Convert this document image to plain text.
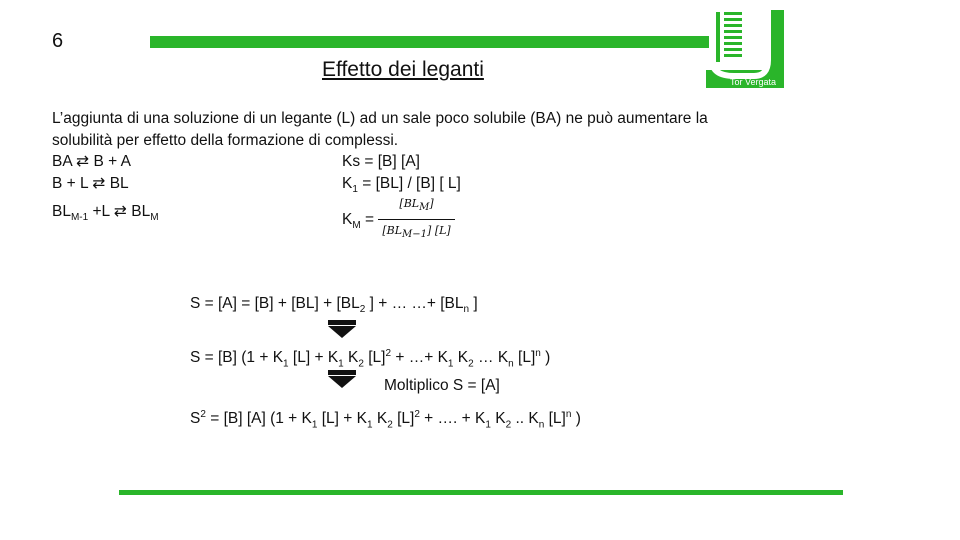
6
Tor Vergata
Effetto dei leganti
L’aggiunta di una soluzione di un legante (L) ad un sale poco solubile (BA) ne può aumentare la solubilità per effetto della formazione di complessi.
BA ⇄ B + A
B + L ⇄ BL
$BL_{M-1} +L$ ⇄ $BL_M$
Ks = [B] [A]
$K_1 = [BL] / [B]$ [ L]
$K_M = \frac{[BL_M]}{[BL_{M-1}] [L]}$
$S = [A] = [B] + [BL] + [BL_2$ ] + … …+ [$BL_n$ ]
S = [B] ($1 + K_1$ $[L] + K_1$ $K_2$ $[L]^2$ + …+ $K_1$ $K_2$ … $K_n$ $[L]^n$ )
Moltiplico S = [A]
$S^2 = [B]$ [A] ($1 + K_1$ $[L] + K_1$ $K_2$ $[L]^2$ + …. + $K_1$ $K_2$ .. $K_n$ $[L]^n$ )
